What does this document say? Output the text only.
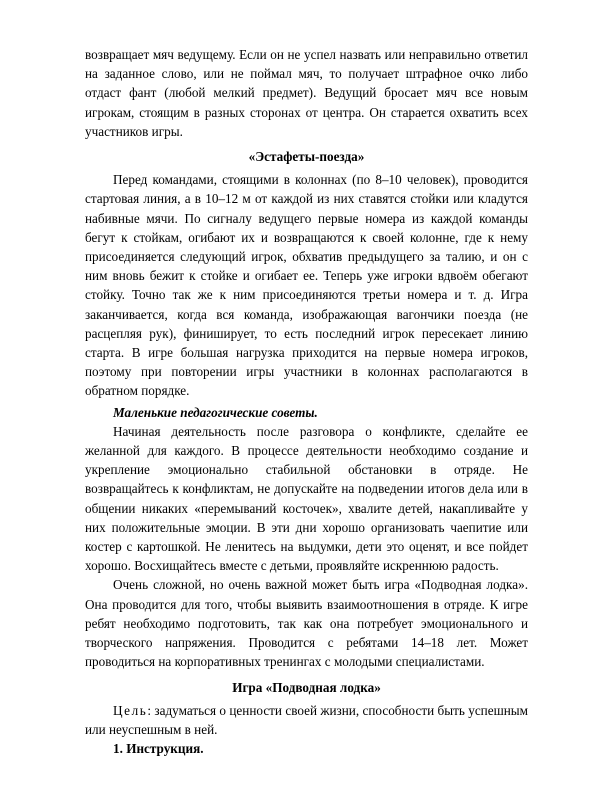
возвращает мяч ведущему. Если он не успел назвать или неправильно ответил на заданное слово, или не поймал мяч, то получает штрафное очко либо отдаст фант (любой мелкий предмет). Ведущий бросает мяч все новым игрокам, стоящим в разных сторонах от центра. Он старается охватить всех участников игры.

«Эстафеты-поезда»

Перед командами, стоящими в колоннах (по 8–10 человек), проводится стартовая линия, а в 10–12 м от каждой из них ставятся стойки или кладутся набивные мячи. По сигналу ведущего первые номера из каждой команды бегут к стойкам, огибают их и возвращаются к своей колонне, где к нему присоединяется следующий игрок, обхватив предыдущего за талию, и он с ним вновь бежит к стойке и огибает ее. Теперь уже игроки вдвоём обегают стойку. Точно так же к ним присоединяются третьи номера и т. д. Игра заканчивается, когда вся команда, изображающая вагончики поезда (не расцепляя рук), финиширует, то есть последний игрок пересекает линию старта. В игре большая нагрузка приходится на первые номера игроков, поэтому при повторении игры участники в колоннах располагаются в обратном порядке.

Маленькие педагогические советы.

Начиная деятельность после разговора о конфликте, сделайте ее желанной для каждого. В процессе деятельности необходимо создание и укрепление эмоционально стабильной обстановки в отряде. Не возвращайтесь к конфликтам, не допускайте на подведении итогов дела или в общении никаких «перемываний косточек», хвалите детей, накапливайте у них положительные эмоции. В эти дни хорошо организовать чаепитие или костер с картошкой. Не ленитесь на выдумки, дети это оценят, и все пойдет хорошо. Восхищайтесь вместе с детьми, проявляйте искреннюю радость.

Очень сложной, но очень важной может быть игра «Подводная лодка». Она проводится для того, чтобы выявить взаимоотношения в отряде. К игре ребят необходимо подготовить, так как она потребует эмоционального и творческого напряжения. Проводится с ребятами 14–18 лет. Может проводиться на корпоративных тренингах с молодыми специалистами.

Игра «Подводная лодка»

Цель: задуматься о ценности своей жизни, способности быть успешным или неуспешным в ней.

1. Инструкция.
